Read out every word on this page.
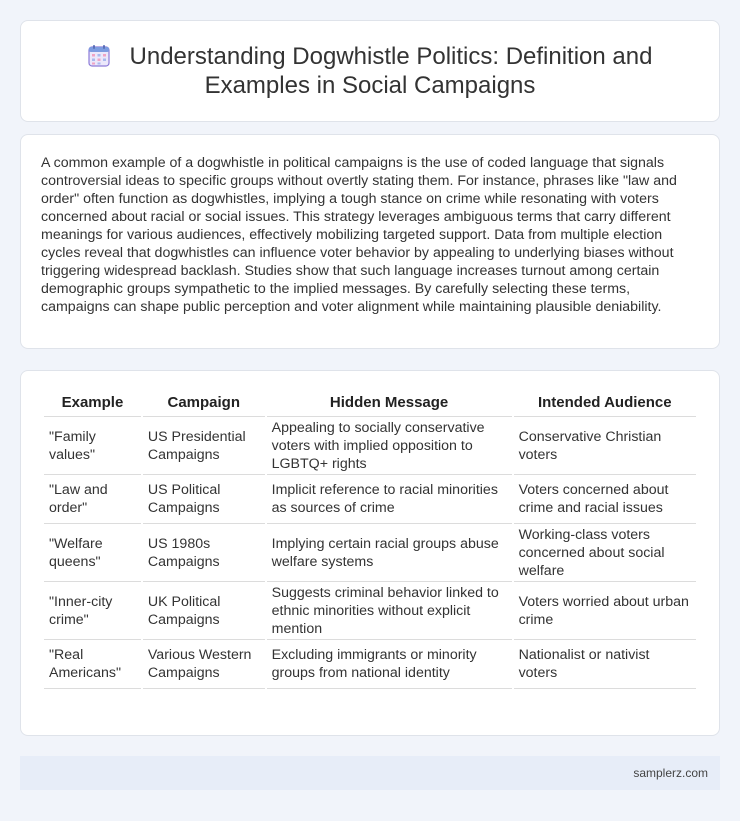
Understanding Dogwhistle Politics: Definition and
Examples in Social Campaigns

A common example of a dogwhistle in political campaigns is the use of coded language that signals controversial ideas to specific groups without overtly stating them. For instance, phrases like "law and order" often function as dogwhistles, implying a tough stance on crime while resonating with voters concerned about racial or social issues. This strategy leverages ambiguous terms that carry different meanings for various audiences, effectively mobilizing targeted support. Data from multiple election cycles reveal that dogwhistles can influence voter behavior by appealing to underlying biases without triggering widespread backlash. Studies show that such language increases turnout among certain demographic groups sympathetic to the implied messages. By carefully selecting these terms, campaigns can shape public perception and voter alignment while maintaining plausible deniability.

Example	Campaign	Hidden Message	Intended Audience
"Family values"	US Presidential Campaigns	Appealing to socially conservative voters with implied opposition to LGBTQ+ rights	Conservative Christian voters
"Law and order"	US Political Campaigns	Implicit reference to racial minorities as sources of crime	Voters concerned about crime and racial issues
"Welfare queens"	US 1980s Campaigns	Implying certain racial groups abuse welfare systems	Working-class voters concerned about social welfare
"Inner-city crime"	UK Political Campaigns	Suggests criminal behavior linked to ethnic minorities without explicit mention	Voters worried about urban crime
"Real Americans"	Various Western Campaigns	Excluding immigrants or minority groups from national identity	Nationalist or nativist voters
samplerz.com
